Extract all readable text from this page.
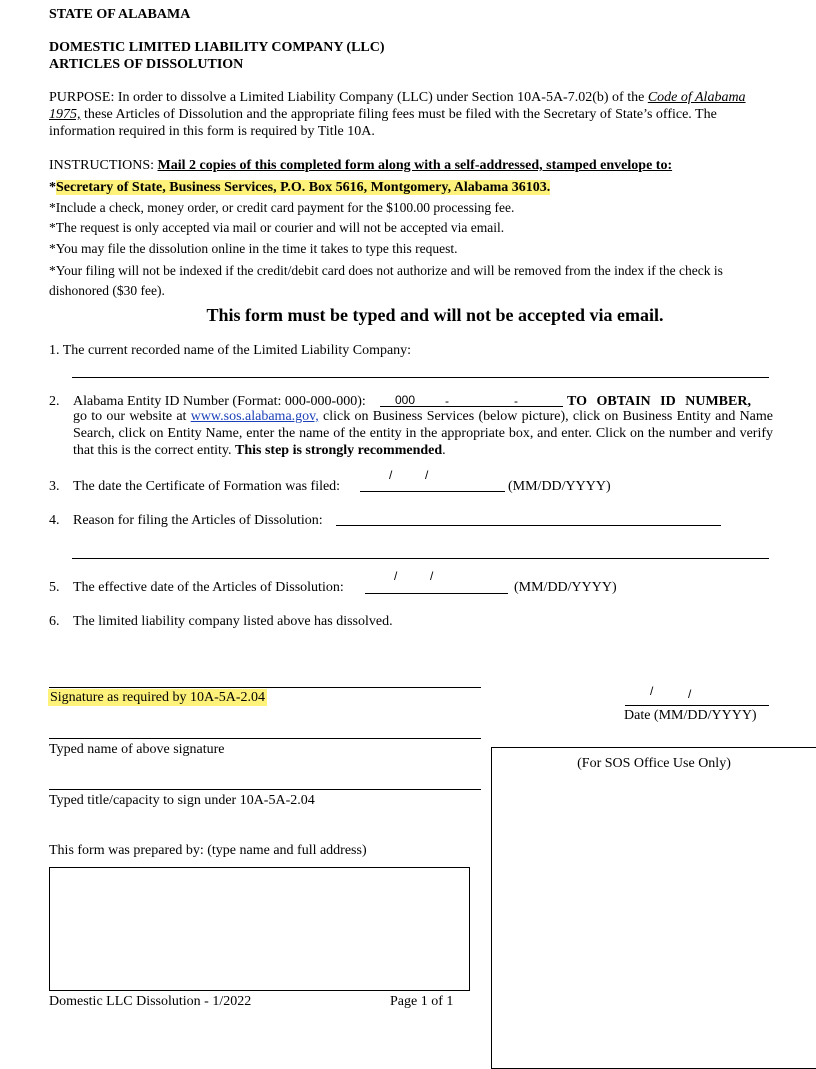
STATE OF ALABAMA
DOMESTIC LIMITED LIABILITY COMPANY (LLC)
ARTICLES OF DISSOLUTION
PURPOSE: In order to dissolve a Limited Liability Company (LLC) under Section 10A-5A-7.02(b) of the Code of Alabama 1975, these Articles of Dissolution and the appropriate filing fees must be filed with the Secretary of State’s office. The information required in this form is required by Title 10A.
INSTRUCTIONS: Mail 2 copies of this completed form along with a self-addressed, stamped envelope to:
*Secretary of State, Business Services, P.O. Box 5616, Montgomery, Alabama 36103.
*Include a check, money order, or credit card payment for the $100.00 processing fee.
*The request is only accepted via mail or courier and will not be accepted via email.
*You may file the dissolution online in the time it takes to type this request.
*Your filing will not be indexed if the credit/debit card does not authorize and will be removed from the index if the check is dishonored ($30 fee).
This form must be typed and will not be accepted via email.
1. The current recorded name of the Limited Liability Company:
2. Alabama Entity ID Number (Format: 000-000-000): 000 -	-	TO OBTAIN ID NUMBER,
go to our website at www.sos.alabama.gov, click on Business Services (below picture), click on Business Entity and Name Search, click on Entity Name, enter the name of the entity in the appropriate box, and enter. Click on the number and verify that this is the correct entity. This step is strongly recommended.
3. The date the Certificate of Formation was filed:
/	/
(MM/DD/YYYY)
4. Reason for filing the Articles of Dissolution:
5. The effective date of the Articles of Dissolution:
/	/
(MM/DD/YYYY)
6. The limited liability company listed above has dissolved.
Signature as required by 10A-5A-2.04	/	/
Date (MM/DD/YYYY)
Typed name of above signature
Typed title/capacity to sign under 10A-5A-2.04
This form was prepared by: (type name and full address)
(For SOS Office Use Only)
Domestic LLC Dissolution - 1/2022	Page 1 of 1
